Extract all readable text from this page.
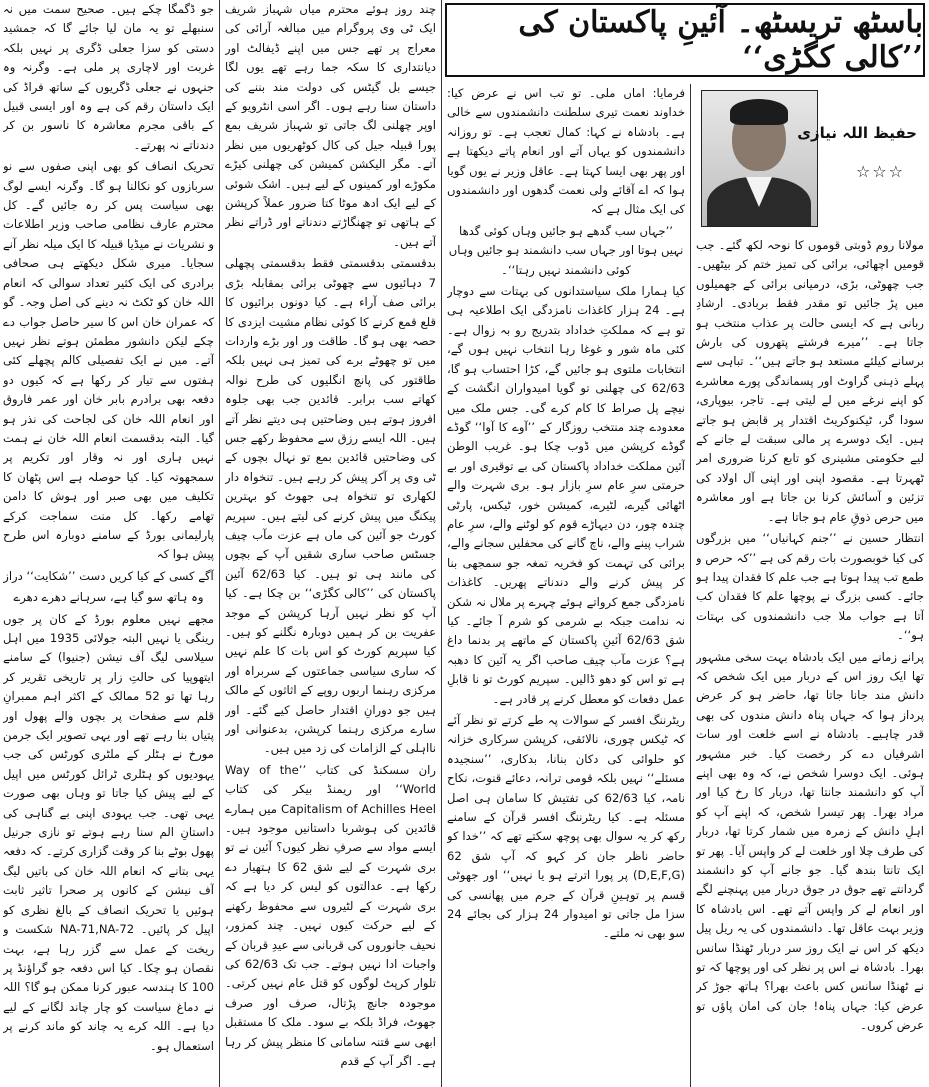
باسٹھ تریسٹھ۔ آئینِ پاکستان کی ’’کالی کگڑی‘‘
حفیظ اللہ نیازی
☆☆☆

مولانا روم ڈوبتی قوموں کا نوحہ لکھ گئے۔ جب قومیں اچھائی، برائی کی تمیز ختم کر بیٹھیں۔ جب چھوٹی، بڑی، درمیانی برائی کے جھمیلوں میں پڑ جائیں تو مقدر فقط بربادی۔ ارشادِ ربانی ہے کہ ایسی حالت پر عذاب منتخب ہو جاتا ہے۔ ’’میرے فرشتے پتھروں کی بارش برسانے کیلئے مستعد ہو جاتے ہیں‘‘۔ تباہی سے پہلے ذہنی گراوٹ اور پسماندگی پورے معاشرے کو اپنے نرغے میں لے لیتی ہے۔ تاجر، بیوپاری، سودا گر، ٹیکنوکریٹ اقتدار پر قابض ہو جاتے ہیں۔ ایک دوسرے پر مالی سبقت لے جانے کے لیے حکومتی مشینری کو تابع کرنا ضروری امر ٹھہرتا ہے۔ مقصود اپنی اور اپنی آل اولاد کی تزئین و آسائش کرنا بن جاتا ہے اور معاشرہ میں حرص ذوقِ عام ہو جاتا ہے۔

انتظار حسین نے ’’جنم کہانیاں‘‘ میں بزرگوں کی کیا خوبصورت بات رقم کی ہے ’’کہ حرص و طمع تب پیدا ہوتا ہے جب علم کا فقدان پیدا ہو جائے۔ کسی بزرگ نے پوچھا علم کا فقدان کب آتا ہے جواب ملا جب دانشمندوں کی بہتات ہو‘‘۔

پرانے زمانے میں ایک بادشاہ بہت سخی مشہور تھا ایک روز اس کے دربار میں ایک شخص کہ دانش مند جانا جاتا تھا، حاضر ہو کر عرض پرداز ہوا کہ جہاں پناہ دانش مندوں کی بھی قدر چاہیے۔ بادشاہ نے اسے خلعت اور سات اشرفیاں دے کر رخصت کیا۔ خبر مشہور ہوئی۔ ایک دوسرا شخص نے، کہ وہ بھی اپنے آپ کو دانشمند جانتا تھا، دربار کا رخ کیا اور مراد بھرا۔ پھر تیسرا شخص، کہ اپنے آپ کو اہلِ دانش کے زمرہ میں شمار کرتا تھا، دربار کی طرف چلا اور خلعت لے کر واپس آیا۔ پھر تو ایک تانتا بندھ گیا۔ جو جانے آپ کو دانشمند گردانتے تھے جوق در جوق دربار میں پہنچنے لگے اور انعام لے کر واپس آتے تھے۔ اس بادشاہ کا وزیر بہت عاقل تھا۔ دانشمندوں کی یہ ریل پیل دیکھ کر اس نے ایک روز سر دربار ٹھنڈا سانس بھرا۔ بادشاہ نے اس پر نظر کی اور پوچھا کہ تو نے ٹھنڈا سانس کس باعث بھرا؟ ہاتھ جوڑ کر عرض کیا: جہاں پناہ! جان کی امان پاؤں تو عرض کروں۔

فرمایا: اماں ملی۔ تو تب اس نے عرض کیا: خداوند نعمت تیری سلطنت دانشمندوں سے خالی ہے۔ بادشاہ نے کہا: کمال تعجب ہے۔ تو روزانہ دانشمندوں کو یہاں آتے اور انعام پاتے دیکھتا ہے اور پھر بھی ایسا کہتا ہے۔ عاقل وزیر نے یوں گویا ہوا کہ اے آقائے ولی نعمت گدھوں اور دانشمندوں کی ایک مثال ہے کہ

’’جہاں سب گدھے ہو جائیں وہاں کوئی گدھا نہیں ہوتا اور جہاں سب دانشمند ہو جائیں وہاں کوئی دانشمند نہیں رہتا‘‘۔

کیا ہمارا ملک سیاستدانوں کی بہتات سے دوچار ہے۔ 24 ہزار کاغذات نامزدگی ایک اطلاعیہ ہی تو ہے کہ مملکتِ خداداد بتدریج رو بہ زوال ہے۔ کئی ماہ شور و غوغا رہا انتخاب نہیں ہوں گے، انتخابات ملتوی ہو جائیں گے، کڑا احتساب ہو گا، 62/63 کی چھلنی تو گویا امیدواران انگشت کے نیچے پل صراط کا کام کرے گی۔ جس ملک میں معدودے چند منتخب روزگار کے ’’آوے کا آوا‘‘ گوڈے گوڈے کرپشن میں ڈوب چکا ہو۔ غریب الوطن آئین مملکت خداداد پاکستان کی بے توقیری اور بے حرمتی سرِ عام سرِ بازار ہو۔ بری شہرت والے اٹھائی گیرے، لٹیرے، کمیشن خور، ٹیکس، پارٹی چندہ چور، دن دیہاڑے قوم کو لوٹنے والے، سرِ عام شراب پینے والے، ناچ گانے کی محفلیں سجانے والے، برائی کی تہمت کو فخریہ تمغہ جو سمجھی بنا کر پیش کرنے والے دندناتے پھریں۔ کاغذات نامزدگی جمع کرواتے ہوئے چہرے پر ملال نہ شکن نہ ندامت جبکہ بے شرمی کو شرم آ جائے۔ کیا شق 62/63 آئینِ پاکستان کے ماتھے پر بدنما داغ ہے؟ عزت مآب چیف صاحب اگر یہ آئین کا دھبہ ہے تو اس کو دھو ڈالیں۔ سپریم کورٹ تو نا قابلِ عمل دفعات کو معطل کرنے پر قادر ہے۔

ریٹرننگ افسر کے سوالات پہ طے کرتے تو نظر آئے کہ ٹیکس چوری، نالائقی، کرپشن سرکاری خزانہ کو حلوائی کی دکان بنانا، بدکاری، ’’سنجیدہ مسئلے‘‘ نہیں بلکہ قومی ترانہ، دعائے قنوت، نکاح نامہ، کیا 62/63 کی تفتیش کا سامان ہی اصل مسئلہ ہے۔ کیا ریٹرننگ افسر قرآن کے سامنے رکھ کر یہ سوال بھی پوچھ سکتے تھے کہ ’’خدا کو حاضر ناظر جان کر کہو کہ آپ شق 62 (D,E,F,G) پر پورا اترتے ہو یا نہیں‘‘ اور جھوٹی قسم پر توہینِ قرآن کے جرم میں پھانسی کی سزا مل جاتی تو امیدوار 24 ہزار کی بجائے 24 سو بھی نہ ملتے۔

چند روز ہوئے محترم میاں شہباز شریف ایک ٹی وی پروگرام میں مبالغہ آرائی کی معراج پر تھے جس میں اپنے ڈیفالٹ اور دیانتداری کا سکہ جما رہے تھے یوں لگا جیسے بل گیٹس کی دولت مند بننے کی داستان سنا رہے ہوں۔ اگر اسی انٹرویو کے اوپر چھلنی لگ جاتی تو شہباز شریف بمع پورا قبیلہ جیل کی کال کوٹھریوں میں نظر آتے۔ مگر الیکشن کمیشن کی چھلنی کیڑے مکوڑے اور کمینوں کے لیے ہیں۔ اشک شوئی کے لیے ایک ادھ موٹا کتا ضرور عملاً کرپشن کے ہاتھی تو چھنگاڑتے دندناتے اور ڈراتے نظر آتے ہیں۔

بدقسمتی بدقسمتی فقط بدقسمتی پچھلی 7 دہائیوں سے چھوٹی برائی بمقابلہ بڑی برائی صف آراء ہے۔ کیا دونوں برائیوں کا قلع قمع کرنے کا کوئی نظام مشیت ایزدی کا حصہ بھی ہو گا۔ طاقت ور اور بڑے واردات میں تو چھوٹے برے کی تمیز ہی نہیں بلکہ طاقتور کی پانچ انگلیوں کی طرح نوالہ کھاتے سب برابر۔ قائدین جب بھی جلوہ افروز ہوتے ہیں وضاحتیں ہی دیتے نظر آتے ہیں۔ اللہ ایسے رزق سے محفوظ رکھے جس کی وضاحتیں قائدین بمع تو نہال بچوں کے ٹی وی پر آکر پیش کر رہے ہیں۔ تنخواہ دار لکھاری تو تنخواہ ہی جھوٹ کو بہترین پیکنگ میں پیش کرنے کی لیتے ہیں۔ سپریم کورٹ جو آئین کی ماں ہے عزت مآب چیف جسٹس صاحب ساری شقیں آپ کے بچوں کی مانند ہی تو ہیں۔ کیا 62/63 آئین پاکستان کی ’’کالی کگڑی‘‘ بن چکا ہے۔ کیا آپ کو نظر نہیں آرہا کرپشن کے موجد عفریت بن کر ہمیں دوبارہ نگلنے کو ہیں۔ کیا سپریم کورٹ کو اس بات کا علم نہیں کہ ساری سیاسی جماعتوں کے سربراہ اور مرکزی رہنما اربوں روپے کے اثاثوں کے مالک ہیں جو دورانِ اقتدار حاصل کیے گئے۔ اور سارے مرکزی رہنما کرپشن، بدعنوانی اور نااہلی کے الزامات کی زد میں ہیں۔

ران سسکنڈ کی کتاب ’’Way of the World‘‘ اور ریمنڈ بیکر کی کتاب Capitalism of Achilles Heel میں ہمارے قائدین کی ہوشربا داستانیں موجود ہیں۔ ایسے مواد سے صرفِ نظر کیوں؟ آئین نے تو بری شہرت کے لیے شق 62 کا ہتھیار دے رکھا ہے۔ عدالتوں کو لیس کر دیا ہے کہ بری شہرت کے لٹیروں سے محفوظ رکھنے کے لیے حرکت کیوں نہیں۔ چند کمزور، نحیف جانوروں کی قربانی سے عیدِ قربان کے واجبات ادا نہیں ہوتے۔ جب تک 62/63 کی تلوار کرپٹ لوگوں کو قتل عام نہیں کرتی۔ موجودہ جانچ پڑتال، صرف اور صرف جھوٹ، فراڈ بلکہ بے سود۔ ملک کا مستقبل ابھی سے قتنہ سامانی کا منظر پیش کر رہا ہے۔ اگر آپ کے قدم

جو ڈگمگا چکے ہیں۔ صحیح سمت میں نہ سنبھلے تو یہ مان لیا جائے گا کہ جمشید دستی کو سزا جعلی ڈگری پر نہیں بلکہ غربت اور لاچاری پر ملی ہے۔ وگرنہ وہ جنہوں نے جعلی ڈگریوں کے ساتھ فراڈ کی ایک داستان رقم کی ہے وہ اور ایسی قبیل کے باقی مجرم معاشرہ کا ناسور بن کر دندناتے نہ پھرتے۔

تحریک انصاف کو بھی اپنی صفوں سے نو سربازوں کو نکالنا ہو گا۔ وگرنہ ایسے لوگ بھی سیاست پس کر رہ جائیں گے۔ کل محترم عارف نظامی صاحب وزیر اطلاعات و نشریات نے میڈیا قبیلہ کا ایک میلہ نظر آنے سجایا۔ میری شکل دیکھتے ہی صحافی برادری کی ایک کثیر تعداد سوالی کہ انعام اللہ خان کو ٹکٹ نہ دینے کی اصل وجہ۔ گو کہ عمران خان اس کا سیر حاصل جواب دے چکے لیکن دانشور مطمئن ہوتے نظر نہیں آتے۔ میں نے ایک تفصیلی کالم پچھلے کئی ہفتوں سے تیار کر رکھا ہے کہ کیوں دو دفعہ بھی برادرم بابر خان اور عمر فاروق اور انعام اللہ خان کی لجاحت کی نذر ہو گیا۔ البتہ بدقسمت انعام اللہ خان نے ہمت نہیں ہاری اور نہ وقار اور تکریم پر سمجھوتہ کیا۔ کیا حوصلہ ہے اس پٹھان کا تکلیف میں بھی صبر اور ہوش کا دامن تھامے رکھا۔ کل منت سماجت کرکے پارلیمانی بورڈ کے سامنے دوبارہ اس طرح پیش ہوا کہ

آگے کسی کے کیا کریں دست ’’شکایت‘‘ دراز

وہ ہاتھ سو گیا ہے، سرہانے دھرے دھرے

مجھے نہیں معلوم بورڈ کے کان پر جوں رینگی یا نہیں البتہ جولائی 1935 میں اہل سیلاسی لیگ آف نیشن (جنیوا) کے سامنے ایتھوپیا کی حالتِ زار پر تاریخی تقریر کر رہا تھا تو 52 ممالک کے اکثر اہم ممبرانِ قلم سے صفحات پر بچوں والے پھول اور پتیاں بنا رہے تھے اور یہی تصویر ایک جرمن مورخ نے ہٹلر کے ملٹری کورٹس کی جب یہودیوں کو ہٹلری ٹرائل کورٹس میں اپیل کے لیے پیش کیا جاتا تو وہاں بھی صورت یہی تھی۔ جب یہودی اپنی بے گناہی کی داستانِ الم سنا رہے ہوتے تو نازی جرنیل پھول بوٹے بنا کر وقت گزاری کرتے۔ کہ دفعہ یہی بتانے کہ انعام اللہ خان کی باتیں لیگ آف نیشن کے کانوں پر صحرا تاثیر ثابت ہوئیں یا تحریک انصاف کے بالغ نظری کو اپیل کر پائیں۔ NA-71,NA-72 شکست و ریخت کے عمل سے گزر رہا ہے، بہت نقصان ہو چکا۔ کیا اس دفعہ جو گراؤنڈ پر 100 کا ہندسہ عبور کرنا ممکن ہو گا؟ اللہ نے دماغ سیاست کو چار چاند لگانے کے لیے دیا ہے۔ اللہ کرے یہ چاند کو ماند کرنے پر استعمال ہو۔
